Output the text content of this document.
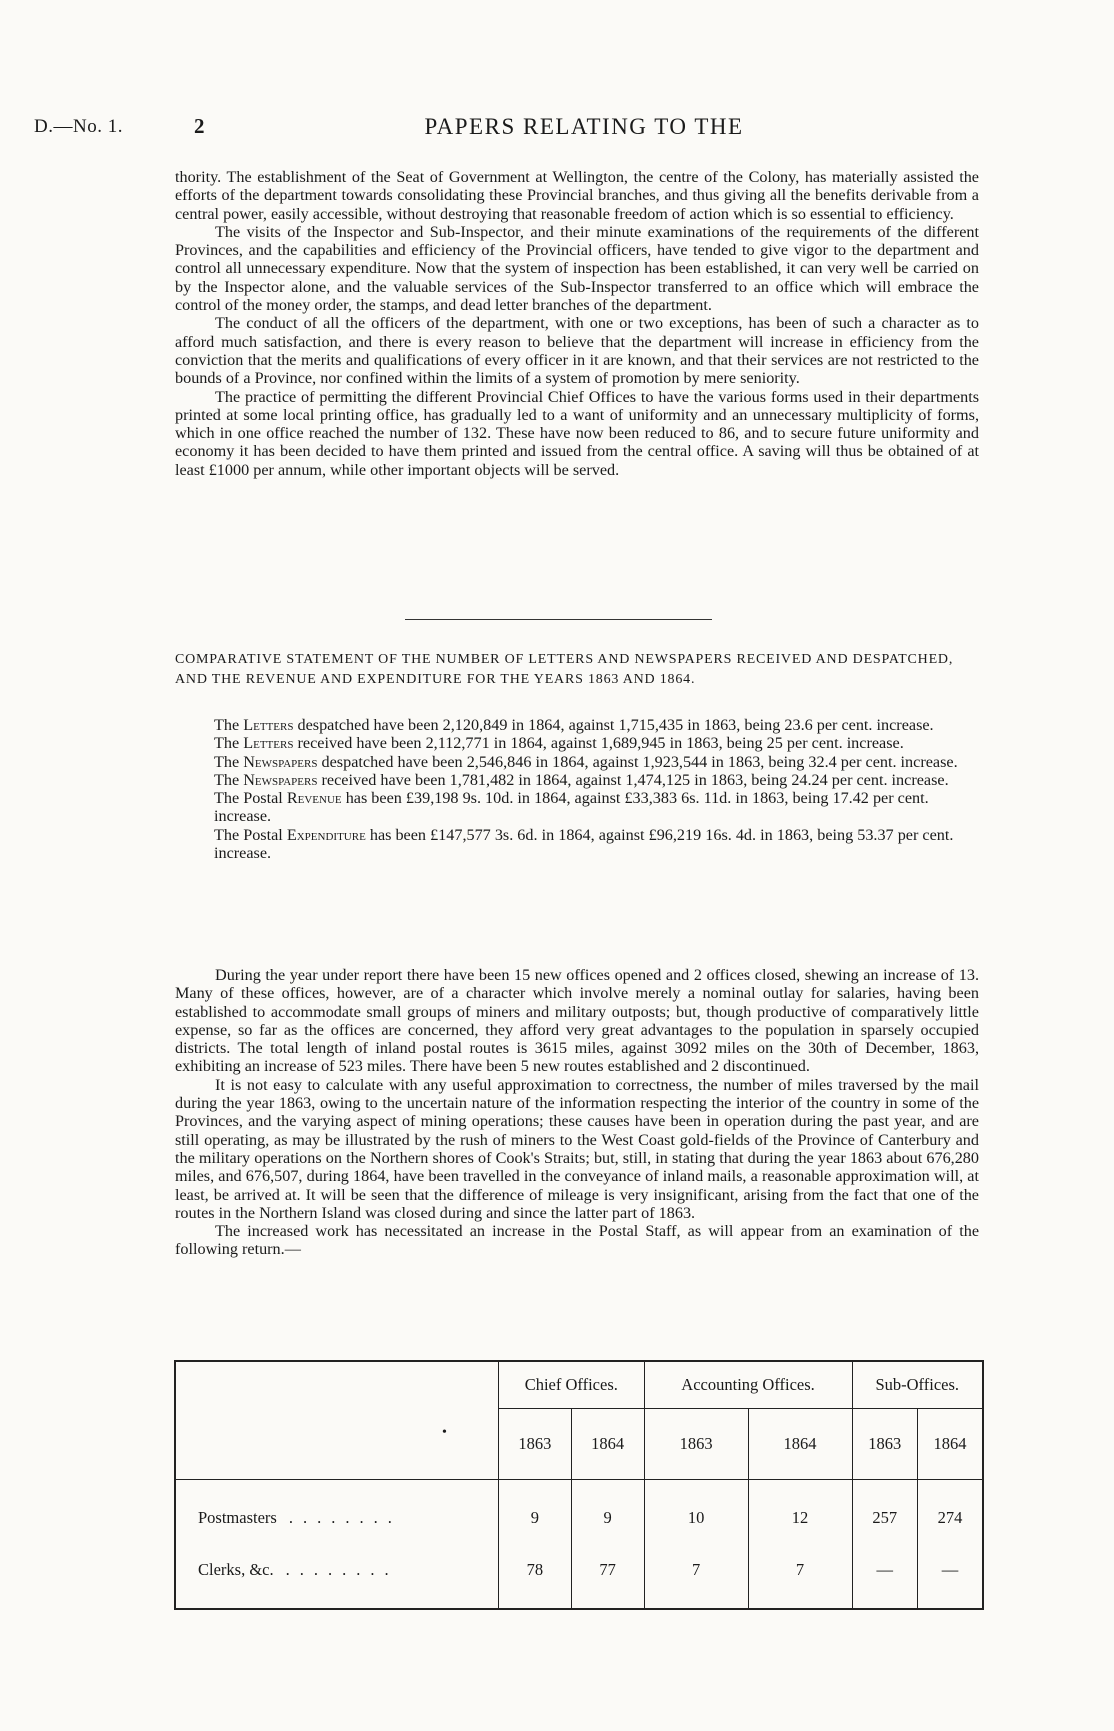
D.—No. 1.	2	PAPERS RELATING TO THE

thority. The establishment of the Seat of Government at Wellington, the centre of the Colony, has materially assisted the efforts of the department towards consolidating these Provincial branches, and thus giving all the benefits derivable from a central power, easily accessible, without destroying that reasonable freedom of action which is so essential to efficiency.

The visits of the Inspector and Sub-Inspector, and their minute examinations of the requirements of the different Provinces, and the capabilities and efficiency of the Provincial officers, have tended to give vigor to the department and control all unnecessary expenditure. Now that the system of inspection has been established, it can very well be carried on by the Inspector alone, and the valuable services of the Sub-Inspector transferred to an office which will embrace the control of the money order, the stamps, and dead letter branches of the department.

The conduct of all the officers of the department, with one or two exceptions, has been of such a character as to afford much satisfaction, and there is every reason to believe that the department will increase in efficiency from the conviction that the merits and qualifications of every officer in it are known, and that their services are not restricted to the bounds of a Province, nor confined within the limits of a system of promotion by mere seniority.

The practice of permitting the different Provincial Chief Offices to have the various forms used in their departments printed at some local printing office, has gradually led to a want of uniformity and an unnecessary multiplicity of forms, which in one office reached the number of 132. These have now been reduced to 86, and to secure future uniformity and economy it has been decided to have them printed and issued from the central office. A saving will thus be obtained of at least £1000 per annum, while other important objects will be served.

COMPARATIVE STATEMENT OF THE NUMBER OF LETTERS AND NEWSPAPERS RECEIVED AND DESPATCHED, AND THE REVENUE AND EXPENDITURE FOR THE YEARS 1863 AND 1864.

The Letters despatched have been 2,120,849 in 1864, against 1,715,435 in 1863, being 23.6 per cent. increase.

The Letters received have been 2,112,771 in 1864, against 1,689,945 in 1863, being 25 per cent. increase.

The Newspapers despatched have been 2,546,846 in 1864, against 1,923,544 in 1863, being 32.4 per cent. increase.

The Newspapers received have been 1,781,482 in 1864, against 1,474,125 in 1863, being 24.24 per cent. increase.

The Postal Revenue has been £39,198 9s. 10d. in 1864, against £33,383 6s. 11d. in 1863, being 17.42 per cent. increase.

The Postal Expenditure has been £147,577 3s. 6d. in 1864, against £96,219 16s. 4d. in 1863, being 53.37 per cent. increase.

During the year under report there have been 15 new offices opened and 2 offices closed, shewing an increase of 13. Many of these offices, however, are of a character which involve merely a nominal outlay for salaries, having been established to accommodate small groups of miners and military outposts; but, though productive of comparatively little expense, so far as the offices are concerned, they afford very great advantages to the population in sparsely occupied districts. The total length of inland postal routes is 3615 miles, against 3092 miles on the 30th of December, 1863, exhibiting an increase of 523 miles. There have been 5 new routes established and 2 discontinued.

It is not easy to calculate with any useful approximation to correctness, the number of miles traversed by the mail during the year 1863, owing to the uncertain nature of the information respecting the interior of the country in some of the Provinces, and the varying aspect of mining operations; these causes have been in operation during the past year, and are still operating, as may be illustrated by the rush of miners to the West Coast gold-fields of the Province of Canterbury and the military operations on the Northern shores of Cook's Straits; but, still, in stating that during the year 1863 about 676,280 miles, and 676,507, during 1864, have been travelled in the conveyance of inland mails, a reasonable approximation will, at least, be arrived at. It will be seen that the difference of mileage is very insignificant, arising from the fact that one of the routes in the Northern Island was closed during and since the latter part of 1863.

The increased work has necessitated an increase in the Postal Staff, as will appear from an examination of the following return.—

	Chief Offices.		Accounting Offices.		Sub-Offices.	
	1863	1864	1863	1864	1863	1864

Postmasters ........	9	9	10	12	257	274
Clerks, &c. ........	78	77	7	7	—	—

•
